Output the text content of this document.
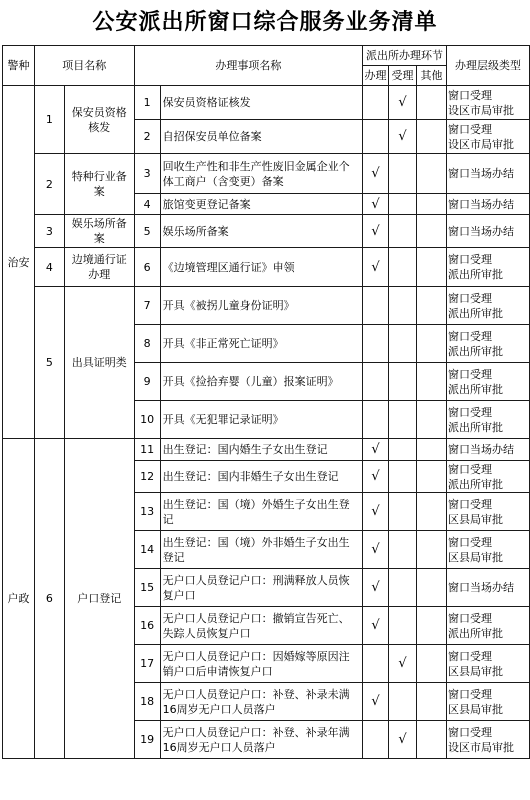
公安派出所窗口综合服务业务清单
警种	项目名称		办理事项名称		派出所办理环节			办理层级类型
					办理	受理	其他	
治安	1	保安员资格核发	1	保安员资格证核发		√		窗口受理
设区市局审批

			2	自招保安员单位备案		√		窗口受理
设区市局审批

	2	特种行业备案	3	回收生产性和非生产性废旧金属企业个体工商户（含变更）备案	√			窗口当场办结

			4	旅馆变更登记备案	√			窗口当场办结

	3	娱乐场所备案	5	娱乐场所备案	√			窗口当场办结

	4	边境通行证办理	6	《边境管理区通行证》申领	√			窗口受理
派出所审批

	5	出具证明类	7	开具《被拐儿童身份证明》				窗口受理
派出所审批

			8	开具《非正常死亡证明》				窗口受理
派出所审批

			9	开具《捡拾弃婴（儿童）报案证明》				窗口受理
派出所审批

			10	开具《无犯罪记录证明》				窗口受理
派出所审批

户政	6	户口登记	11	出生登记：国内婚生子女出生登记	√			窗口当场办结

			12	出生登记：国内非婚生子女出生登记	√			窗口受理
派出所审批

			13	出生登记：国（境）外婚生子女出生登记	√			窗口受理
区县局审批

			14	出生登记：国（境）外非婚生子女出生登记	√			窗口受理
区县局审批

			15	无户口人员登记户口：刑满释放人员恢复户口	√			窗口当场办结

			16	无户口人员登记户口：撤销宣告死亡、失踪人员恢复户口	√			窗口受理
派出所审批

			17	无户口人员登记户口：因婚嫁等原因注销户口后申请恢复户口		√		窗口受理
区县局审批

			18	无户口人员登记户口：补登、补录未满16周岁无户口人员落户	√			窗口受理
区县局审批

			19	无户口人员登记户口：补登、补录年满16周岁无户口人员落户		√		窗口受理
设区市局审批
